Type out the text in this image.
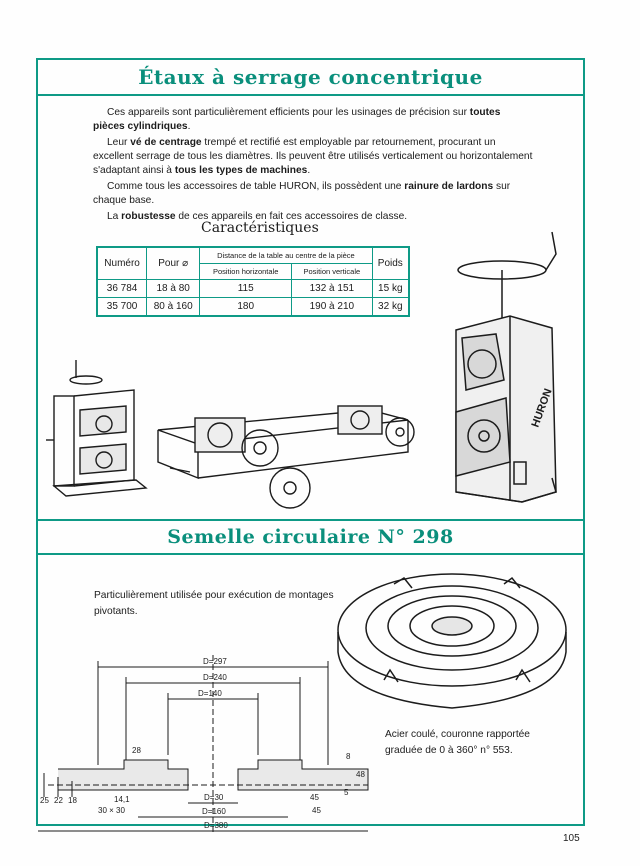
Étaux à serrage concentrique

Ces appareils sont particulièrement efficients pour les usinages de précision sur toutes pièces cylindriques.

Leur vé de centrage trempé et rectifié est employable par retournement, procurant un excellent serrage de tous les diamètres. Ils peuvent être utilisés verticalement ou horizontalement s'adaptant ainsi à tous les types de machines.

Comme tous les accessoires de table HURON, ils possèdent une rainure de lardons sur chaque base.

La robustesse de ces appareils en fait ces accessoires de classe.

Caractéristiques
Numéro	Pour ⌀	Distance de la table au centre de la pièce		Poids
		Position horizontale	Position verticale	
36 784	18 à 80	115	132 à 151	15 kg
35 700	80 à 160	180	190 à 210	32 kg
HURON
Semelle circulaire N° 298
Particulièrement utilisée pour exécution de montages pivotants.
Acier coulé, couronne rapportée graduée de 0 à 360° n° 553.
D=297
D=240
D=140
28
8
48
5
45
14,1
30 × 30
D=30
D=160
D=380
25 22 18
45
105
